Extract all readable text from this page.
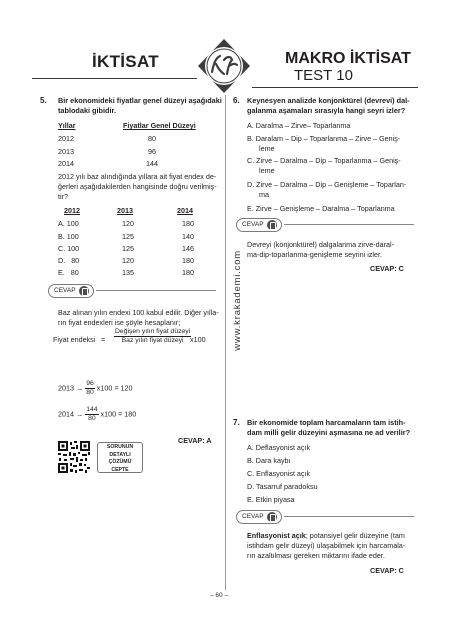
İKTİSAT	MAKRO İKTİSAT
TEST 10
www.krakademi.com
5. Bir ekonomideki fiyatlar genel düzeyi aşağıdaki
tablodaki gibidir.
Yıllar	Fiyatlar Genel Düzeyi
2012	80
2013	96
2014	144
2012 yılı baz alındığında yıllara ait fiyat endex de-
ğerleri aşağıdakilerden hangisinde doğru verilmiş-
tir?
2012	2013	2014
A. 100	120	180
B. 100	125	140
C. 100	125	146
D. 80	120	180
E. 80	135	180
CEVAP
Baz alınan yılın endexi 100 kabul edilir. Diğer yılla-
rın fiyat endexleri ise şöyle hesaplanır;
Fiyat endeksi =
Değişen yılın fiyat düzeyi
Baz yılın fiyat düzeyi x100
$2013 \to \frac{96}{80} x100 = 120$
$2014 \to \frac{144}{80} x100 = 180$
SORUNUN
DETAYLI ÇÖZÜMÜ
CEPTE
CEVAP: A
6. Keynesyen analizde konjonktürel (devrevi) dal-
galanma aşamaları sırasıyla hangi seyri izler?
A. Daralma – Zirve– Toparlanma
B. Daralam – Dip – Toparlanma – Zirve – Geniş-
leme
C. Zirve – Daralma – Dip – Toparlanma – Geniş-
leme
D. Zirve – Daralma – Dip – Genişleme – Toparlan-
ma
E. Zirve – Genişleme – Daralma – Toparlanma
CEVAP
Devreyi (konjonktürel) dalgalanma zirve-daral-
ma-dip-toparlanma-genişleme seyrini izler.
CEVAP: C
7. Bir ekonomide toplam harcamaların tam istih-
dam milli gelir düzeyini aşmasına ne ad verilir?
A. Deflasyonist açık
B. Dara kaybı
C. Enflasyonist açık
D. Tasarruf paradoksu
E. Etkin piyasa
CEVAP
Enflasyonist açık; potansiyel gelir düzeyine (tam
istihdam gelir düzeyi) ulaşabilmek için harcamala-
rın azaltılması gereken miktarını ifade eder.
CEVAP: C
– 60 –
